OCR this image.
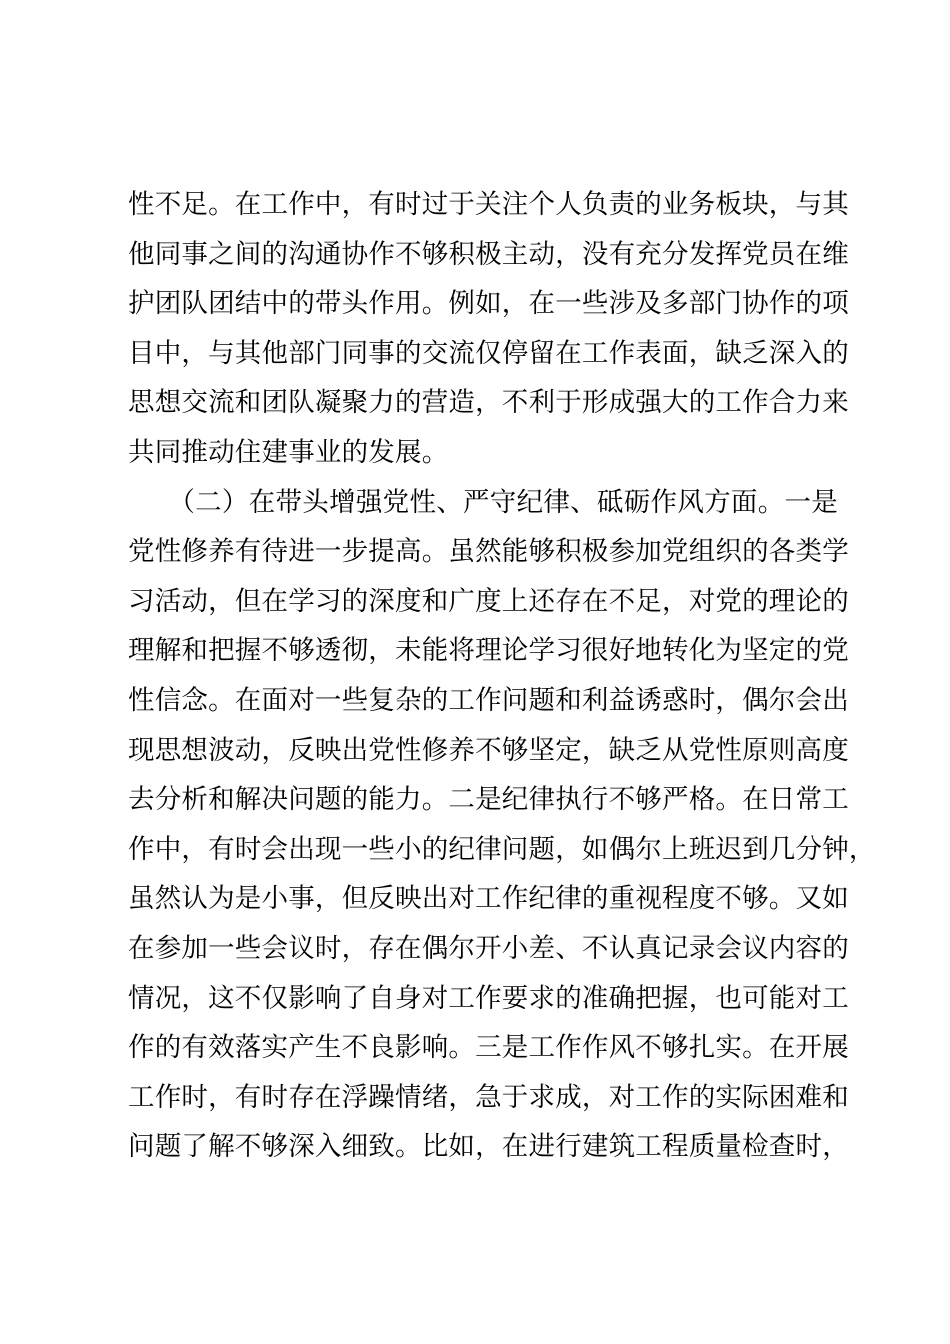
性不足。在工作中，有时过于关注个人负责的业务板块，与其
他同事之间的沟通协作不够积极主动，没有充分发挥党员在维
护团队团结中的带头作用。例如，在一些涉及多部门协作的项
目中，与其他部门同事的交流仅停留在工作表面，缺乏深入的
思想交流和团队凝聚力的营造，不利于形成强大的工作合力来
共同推动住建事业的发展。
　　（二）在带头增强党性、严守纪律、砥砺作风方面。一是
党性修养有待进一步提高。虽然能够积极参加党组织的各类学
习活动，但在学习的深度和广度上还存在不足，对党的理论的
理解和把握不够透彻，未能将理论学习很好地转化为坚定的党
性信念。在面对一些复杂的工作问题和利益诱惑时，偶尔会出
现思想波动，反映出党性修养不够坚定，缺乏从党性原则高度
去分析和解决问题的能力。二是纪律执行不够严格。在日常工
作中，有时会出现一些小的纪律问题，如偶尔上班迟到几分钟，
虽然认为是小事，但反映出对工作纪律的重视程度不够。又如
在参加一些会议时，存在偶尔开小差、不认真记录会议内容的
情况，这不仅影响了自身对工作要求的准确把握，也可能对工
作的有效落实产生不良影响。三是工作作风不够扎实。在开展
工作时，有时存在浮躁情绪，急于求成，对工作的实际困难和
问题了解不够深入细致。比如，在进行建筑工程质量检查时，
